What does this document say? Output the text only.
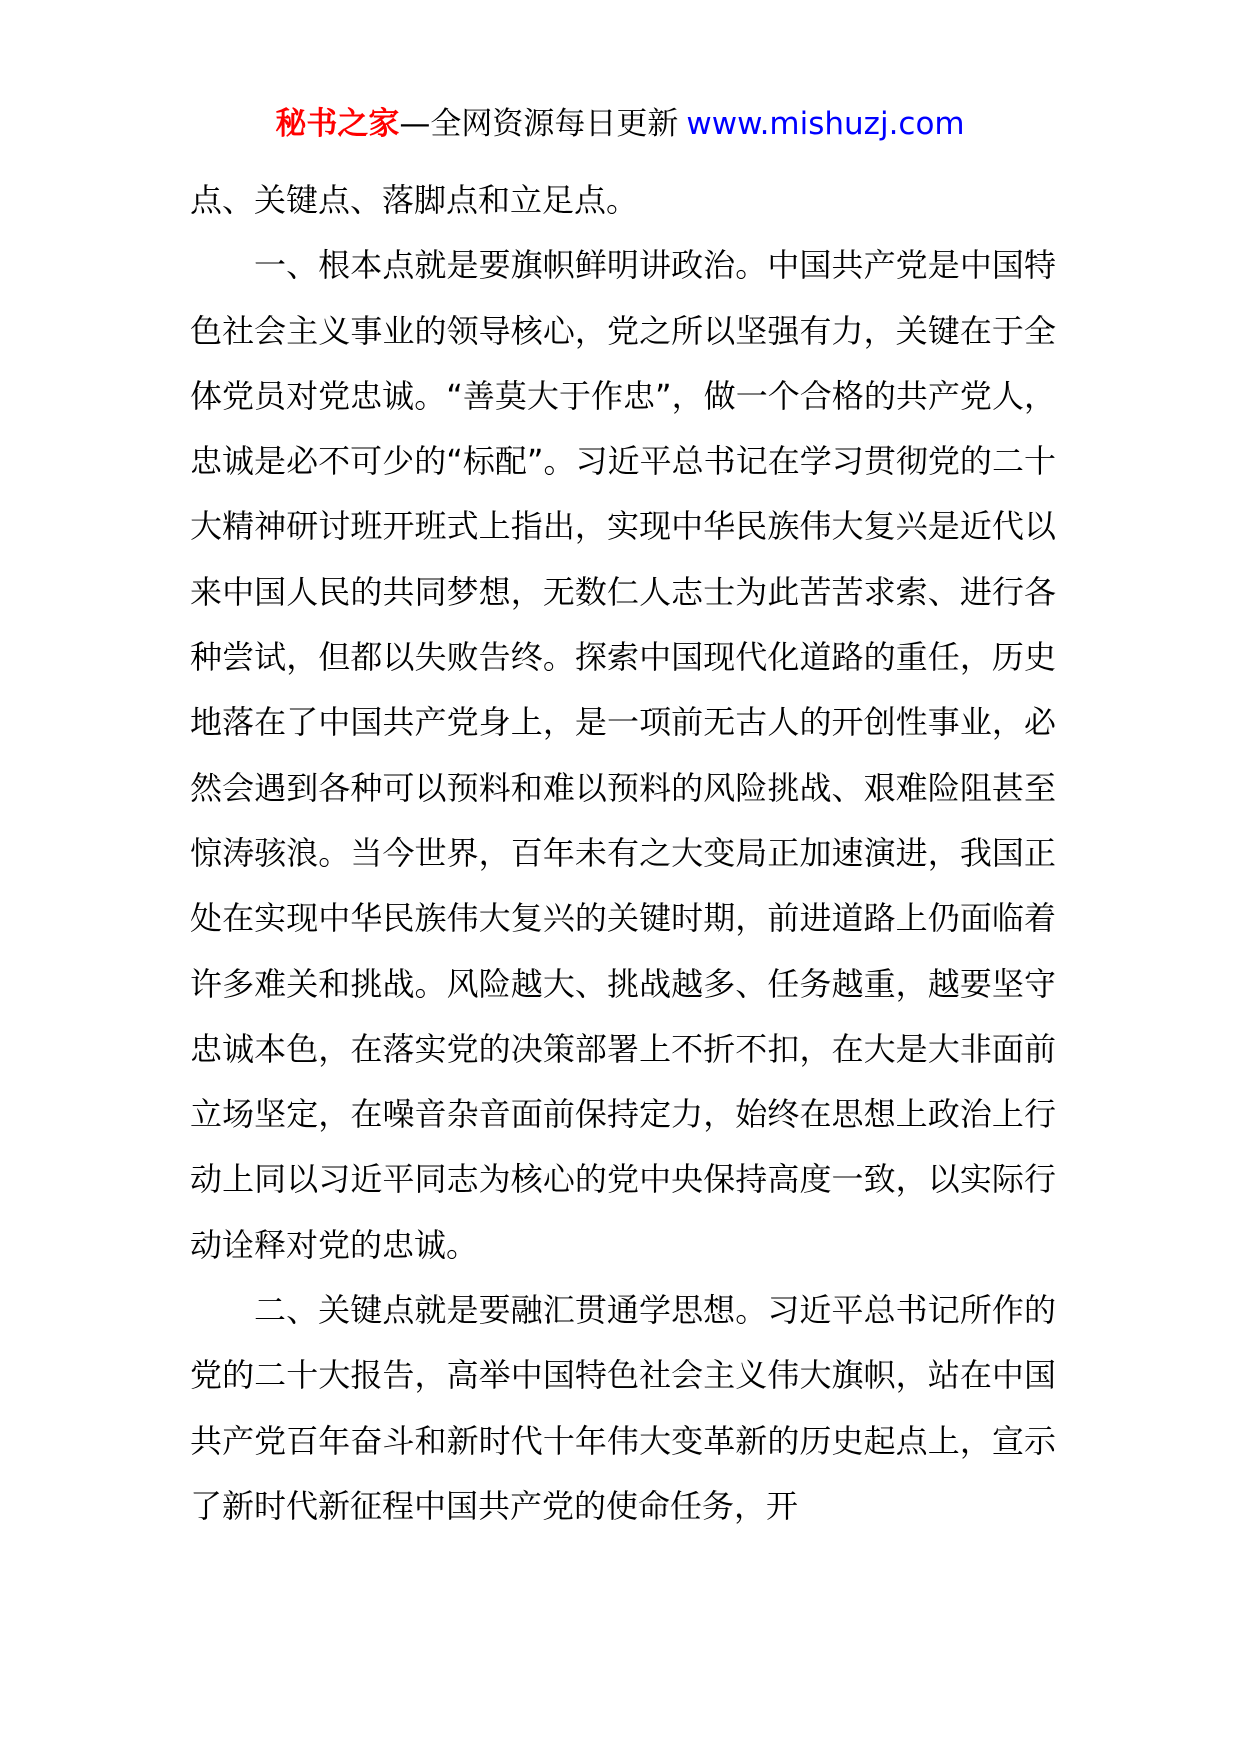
秘书之家—全网资源每日更新 www.mishuzj.com

点、关键点、落脚点和立足点。

一、根本点就是要旗帜鲜明讲政治。中国共产党是中国特色社会主义事业的领导核心，党之所以坚强有力，关键在于全体党员对党忠诚。“善莫大于作忠”，做一个合格的共产党人，忠诚是必不可少的“标配”。习近平总书记在学习贯彻党的二十大精神研讨班开班式上指出，实现中华民族伟大复兴是近代以来中国人民的共同梦想，无数仁人志士为此苦苦求索、进行各种尝试，但都以失败告终。探索中国现代化道路的重任，历史地落在了中国共产党身上，是一项前无古人的开创性事业，必然会遇到各种可以预料和难以预料的风险挑战、艰难险阻甚至惊涛骇浪。当今世界，百年未有之大变局正加速演进，我国正处在实现中华民族伟大复兴的关键时期，前进道路上仍面临着许多难关和挑战。风险越大、挑战越多、任务越重，越要坚守忠诚本色，在落实党的决策部署上不折不扣，在大是大非面前立场坚定，在噪音杂音面前保持定力，始终在思想上政治上行动上同以习近平同志为核心的党中央保持高度一致，以实际行动诠释对党的忠诚。

二、关键点就是要融汇贯通学思想。习近平总书记所作的党的二十大报告，高举中国特色社会主义伟大旗帜，站在中国共产党百年奋斗和新时代十年伟大变革新的历史起点上，宣示了新时代新征程中国共产党的使命任务，开
